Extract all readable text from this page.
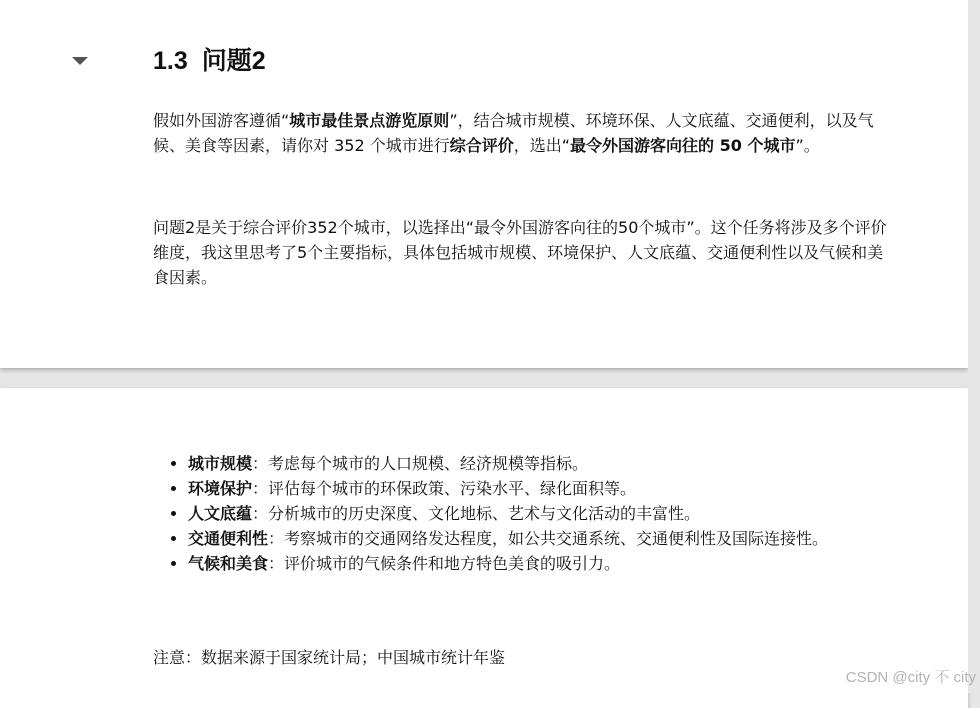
1.3 问题2

假如外国游客遵循“城市最佳景点游览原则”，结合城市规模、环境环保、人文底蕴、交通便利，以及气候、美食等因素，请你对 352 个城市进行综合评价，选出“最令外国游客向往的 50 个城市”。

问题2是关于综合评价352个城市，以选择出“最令外国游客向往的50个城市”。这个任务将涉及多个评价维度，我这里思考了5个主要指标，具体包括城市规模、环境保护、人文底蕴、交通便利性以及气候和美食因素。

• 城市规模：考虑每个城市的人口规模、经济规模等指标。
• 环境保护：评估每个城市的环保政策、污染水平、绿化面积等。
• 人文底蕴：分析城市的历史深度、文化地标、艺术与文化活动的丰富性。
• 交通便利性：考察城市的交通网络发达程度，如公共交通系统、交通便利性及国际连接性。
• 气候和美食：评价城市的气候条件和地方特色美食的吸引力。

注意：数据来源于国家统计局；中国城市统计年鉴

CSDN @city 不 city
